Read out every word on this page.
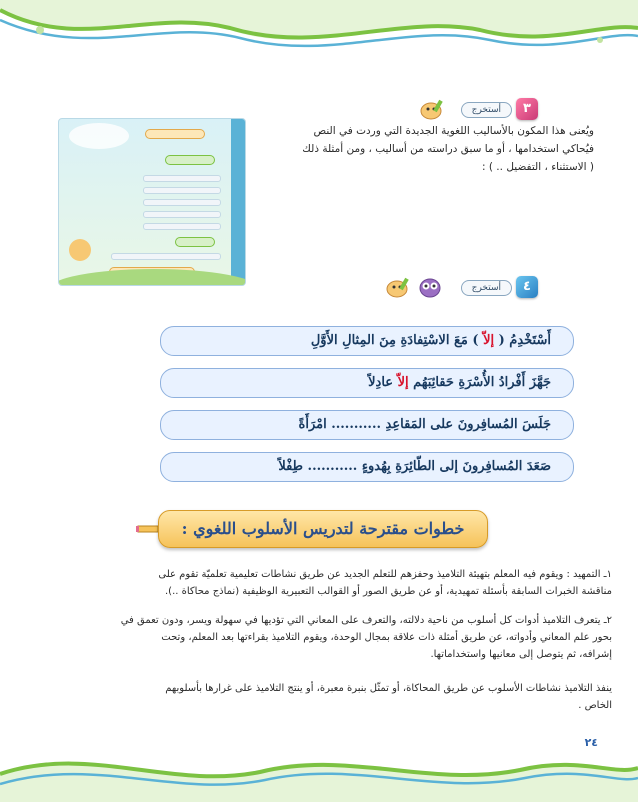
٣
أستخرج
ويُعنى هذا المكون بالأساليب اللغوية الجديدة التي وردت في النص
فيُحاكي استخدامها ، أو ما سبق دراسته من أساليب ، ومن أمثلة ذلك
( الاستثناء ، التفضيل .. ) :
٤
أستخرج
أَسْتَخْدِمُ ( إلاّ ) مَعَ الاسْتِفادَةِ مِنَ المِثالِ الأَوَّلِ
جَهَّزَ أَفْرادُ الأُسْرَةِ حَقائِبَهُم إلاّ عادِلاً
جَلَسَ المُسافِرونَ على المَقاعِدِ ........... امْرَأَةً
صَعَدَ المُسافِرونَ إلى الطّائِرَةِ بِهُدوءٍ ........... طِفْلاً
خطوات مقترحة لتدريس الأسلوب اللغوي :
١ـ التمهيد : ويقوم فيه المعلم بتهيئة التلاميذ وحفزهم للتعلم الجديد عن طريق نشاطات تعليمية تعلميّة تقوم على
مناقشة الخبرات السابقة بأسئلة تمهيدية، أو عن طريق الصور أو القوالب التعبيرية الوظيفية (نماذج محاكاة ..).
٢ـ يتعرف التلاميذ أدوات كل أسلوب من ناحية دلالته، والتعرف على المعاني التي تؤديها في سهولة ويسر، ودون تعمق في
بحور علم المعاني وأدواته، عن طريق أمثلة ذات علاقة بمجال الوحدة، ويقوم التلاميذ بقراءتها بعد المعلم، وتحت
إشرافه، ثم يتوصل إلى معانيها واستخداماتها.
ينفذ التلاميذ نشاطات الأسلوب عن طريق المحاكاة، أو تمثّل بنبرة معبرة، أو ينتج التلاميذ على غرارها بأسلوبهم
الخاص .
٢٤
